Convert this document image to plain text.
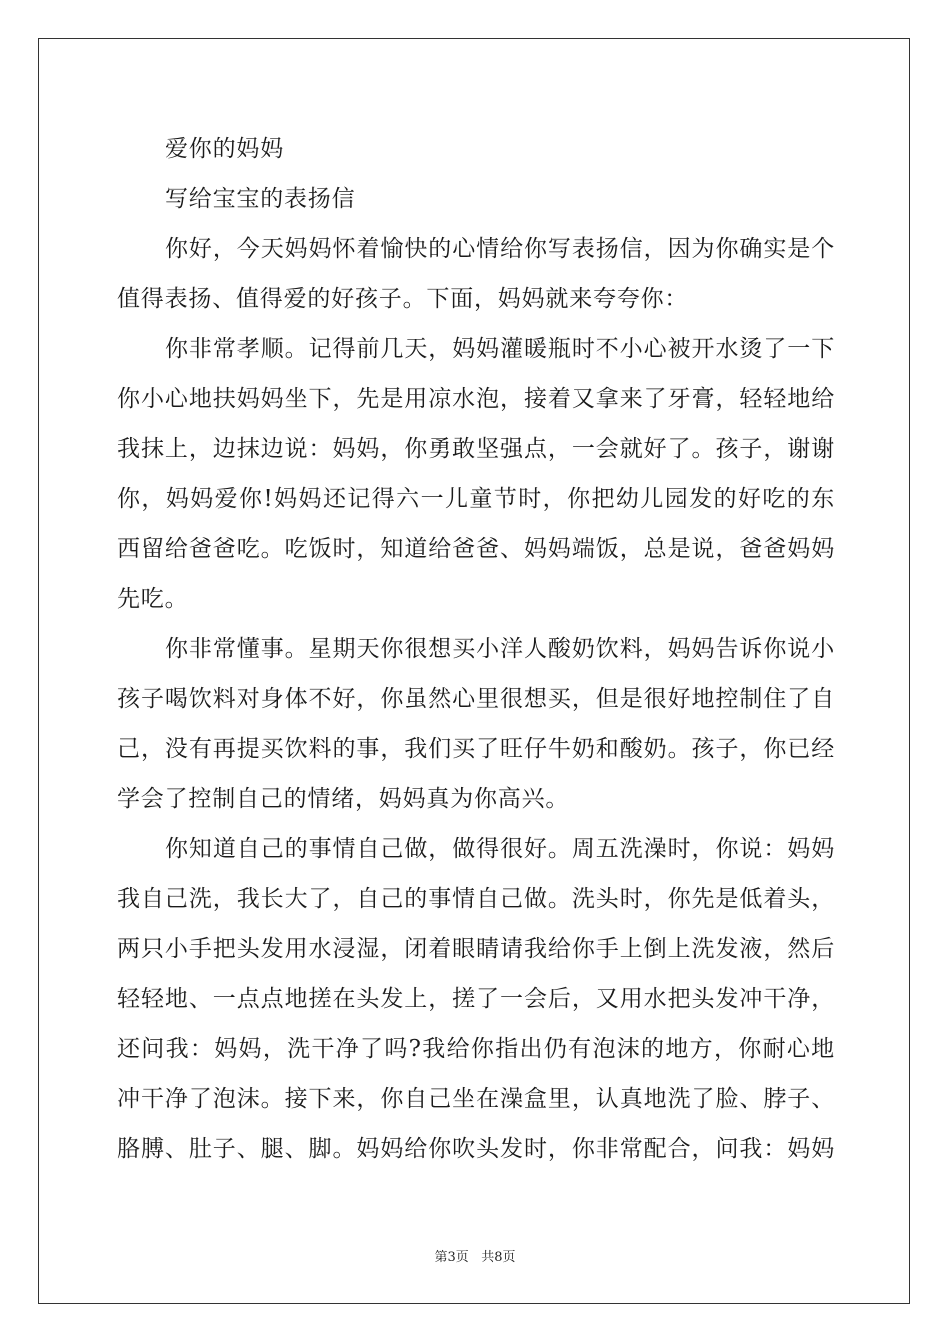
爱你的妈妈
写给宝宝的表扬信
你好，今天妈妈怀着愉快的心情给你写表扬信，因为你确实是个
值得表扬、值得爱的好孩子。下面，妈妈就来夸夸你：
你非常孝顺。记得前几天，妈妈灌暖瓶时不小心被开水烫了一下
你小心地扶妈妈坐下，先是用凉水泡，接着又拿来了牙膏，轻轻地给
我抹上，边抹边说：妈妈，你勇敢坚强点，一会就好了。孩子，谢谢
你，妈妈爱你!妈妈还记得六一儿童节时，你把幼儿园发的好吃的东
西留给爸爸吃。吃饭时，知道给爸爸、妈妈端饭，总是说，爸爸妈妈
先吃。
你非常懂事。星期天你很想买小洋人酸奶饮料，妈妈告诉你说小
孩子喝饮料对身体不好，你虽然心里很想买，但是很好地控制住了自
己，没有再提买饮料的事，我们买了旺仔牛奶和酸奶。孩子，你已经
学会了控制自己的情绪，妈妈真为你高兴。
你知道自己的事情自己做，做得很好。周五洗澡时，你说：妈妈
我自己洗，我长大了，自己的事情自己做。洗头时，你先是低着头，
两只小手把头发用水浸湿，闭着眼睛请我给你手上倒上洗发液，然后
轻轻地、一点点地搓在头发上，搓了一会后，又用水把头发冲干净，
还问我：妈妈，洗干净了吗?我给你指出仍有泡沫的地方，你耐心地
冲干净了泡沫。接下来，你自己坐在澡盒里，认真地洗了脸、脖子、
胳膊、肚子、腿、脚。妈妈给你吹头发时，你非常配合，问我：妈妈
第3页 共8页
